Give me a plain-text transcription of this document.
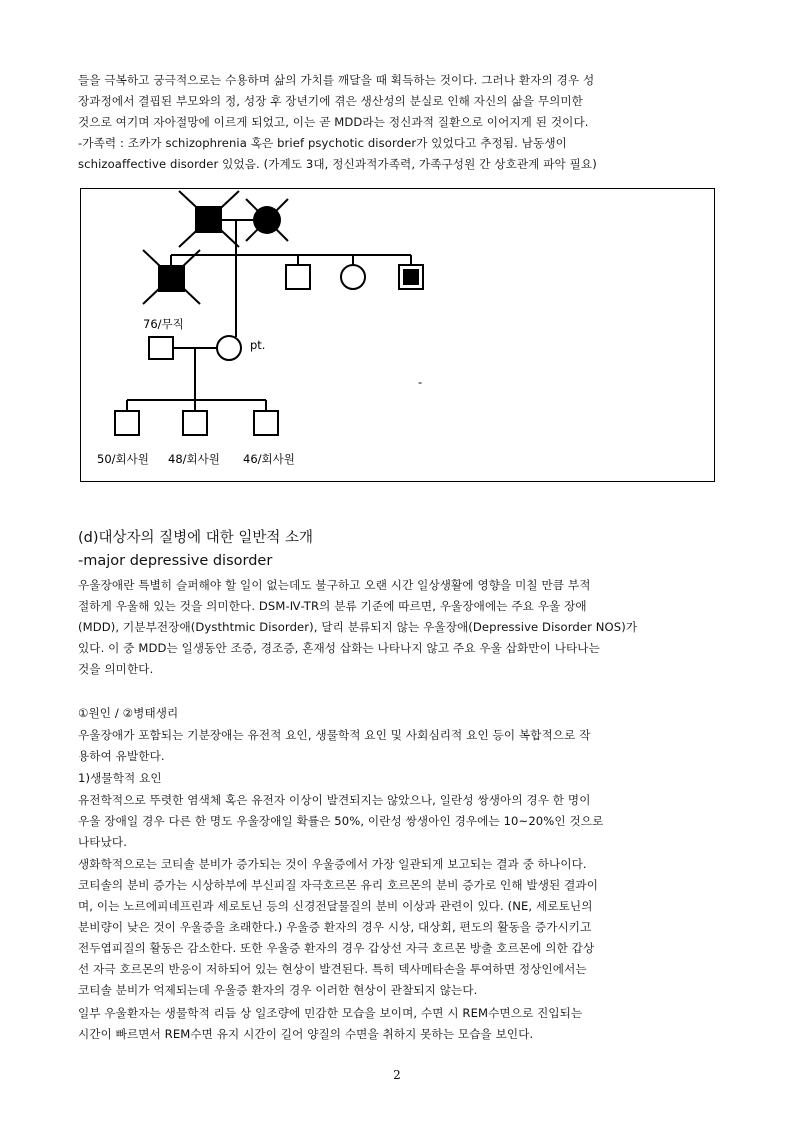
들을 극복하고 궁극적으로는 수용하며 삶의 가치를 깨달을 때 획득하는 것이다. 그러나 환자의 경우 성
장과정에서 결핍된 부모와의 정, 성장 후 장년기에 겪은 생산성의 분실로 인해 자신의 삶을 무의미한
것으로 여기며 자아절망에 이르게 되었고, 이는 곧 MDD라는 정신과적 질환으로 이어지게 된 것이다.
-가족력 : 조카가 schizophrenia 혹은 brief psychotic disorder가 있었다고 추정됨. 남동생이
schizoaffective disorder 있었음. (가계도 3대, 정신과적가족력, 가족구성원 간 상호관계 파악 필요)
76/무직
pt.
50/회사원 48/회사원 46/회사원
-
(d)대상자의 질병에 대한 일반적 소개
-major depressive disorder
우울장애란 특별히 슬퍼해야 할 일이 없는데도 불구하고 오랜 시간 일상생활에 영향을 미칠 만큼 부적
절하게 우울해 있는 것을 의미한다. DSM-Ⅳ-TR의 분류 기준에 따르면, 우울장애에는 주요 우울 장애
(MDD), 기분부전장애(Dysthtmic Disorder), 달리 분류되지 않는 우울장애(Depressive Disorder NOS)가
있다. 이 중 MDD는 일생동안 조증, 경조증, 혼재성 삽화는 나타나지 않고 주요 우울 삽화만이 나타나는
것을 의미한다.
①원인 / ②병태생리
우울장애가 포함되는 기분장애는 유전적 요인, 생물학적 요인 및 사회심리적 요인 등이 복합적으로 작
용하여 유발한다.
1)생물학적 요인
유전학적으로 뚜렷한 염색체 혹은 유전자 이상이 발견되지는 않았으나, 일란성 쌍생아의 경우 한 명이
우울 장애일 경우 다른 한 명도 우울장애일 확률은 50%, 이란성 쌍생아인 경우에는 10~20%인 것으로
나타났다.
생화학적으로는 코티솔 분비가 증가되는 것이 우울증에서 가장 일관되게 보고되는 결과 중 하나이다.
코티솔의 분비 증가는 시상하부에 부신피질 자극호르몬 유리 호르몬의 분비 증가로 인해 발생된 결과이
며, 이는 노르에피네프린과 세로토닌 등의 신경전달물질의 분비 이상과 관련이 있다. (NE, 세로토닌의
분비량이 낮은 것이 우울증을 초래한다.) 우울증 환자의 경우 시상, 대상회, 편도의 활동을 증가시키고
전두엽피질의 활동은 감소한다. 또한 우울증 환자의 경우 갑상선 자극 호르몬 방출 호르몬에 의한 갑상
선 자극 호르몬의 반응이 저하되어 있는 현상이 발견된다. 특히 덱사메타손을 투여하면 정상인에서는
코티솔 분비가 억제되는데 우울증 환자의 경우 이러한 현상이 관찰되지 않는다.
일부 우울환자는 생물학적 리듬 상 일조량에 민감한 모습을 보이며, 수면 시 REM수면으로 진입되는
시간이 빠르면서 REM수면 유지 시간이 길어 양질의 수면을 취하지 못하는 모습을 보인다.
2
